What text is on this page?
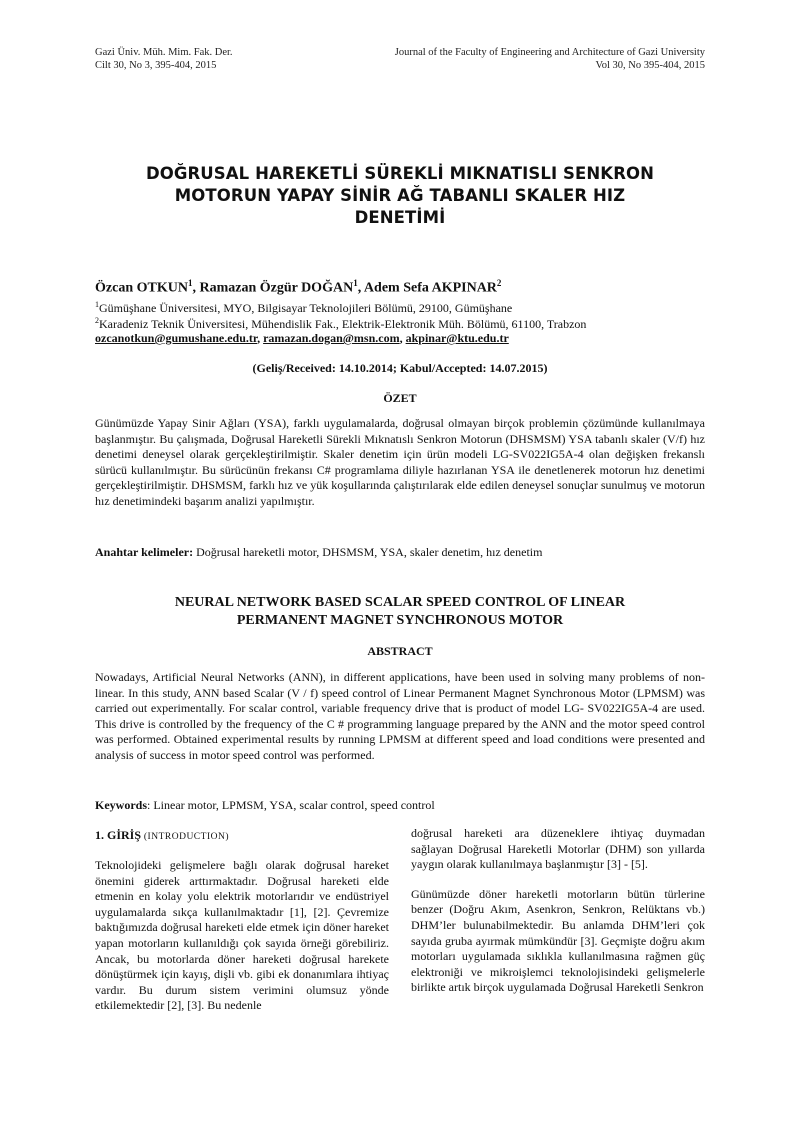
Gazi Üniv. Müh. Mim. Fak. Der.
Cilt 30, No 3, 395-404, 2015
Journal of the Faculty of Engineering and Architecture of Gazi University
Vol 30, No 395-404, 2015
DOĞRUSAL HAREKETLİ SÜREKLİ MIKNATISLI SENKRON
MOTORUN YAPAY SİNİR AĞ TABANLI SKALER HIZ
DENETİMİ
Özcan OTKUN$^1$, Ramazan Özgür DOĞAN$^1$, Adem Sefa AKPINAR$^2$
$^1$Gümüşhane Üniversitesi, MYO, Bilgisayar Teknolojileri Bölümü, 29100, Gümüşhane
$^2$Karadeniz Teknik Üniversitesi, Mühendislik Fak., Elektrik-Elektronik Müh. Bölümü, 61100, Trabzon
ozcanotkun@gumushane.edu.tr, ramazan.dogan@msn.com, akpinar@ktu.edu.tr
(Geliş/Received: 14.10.2014; Kabul/Accepted: 14.07.2015)
ÖZET
Günümüzde Yapay Sinir Ağları (YSA), farklı uygulamalarda, doğrusal olmayan birçok problemin çözümünde kullanılmaya başlanmıştır. Bu çalışmada, Doğrusal Hareketli Sürekli Mıknatıslı Senkron Motorun (DHSMSM) YSA tabanlı skaler (V/f) hız denetimi deneysel olarak gerçekleştirilmiştir. Skaler denetim için ürün modeli LG-SV022IG5A-4 olan değişken frekanslı sürücü kullanılmıştır. Bu sürücünün frekansı C# programlama diliyle hazırlanan YSA ile denetlenerek motorun hız denetimi gerçekleştirilmiştir. DHSMSM, farklı hız ve yük koşullarında çalıştırılarak elde edilen deneysel sonuçlar sunulmuş ve motorun hız denetimindeki başarım analizi yapılmıştır.
Anahtar kelimeler: Doğrusal hareketli motor, DHSMSM, YSA, skaler denetim, hız denetim
NEURAL NETWORK BASED SCALAR SPEED CONTROL OF LINEAR
PERMANENT MAGNET SYNCHRONOUS MOTOR
ABSTRACT
Nowadays, Artificial Neural Networks (ANN), in different applications, have been used in solving many problems of non-linear. In this study, ANN based Scalar (V / f) speed control of Linear Permanent Magnet Synchronous Motor (LPMSM) was carried out experimentally. For scalar control, variable frequency drive that is product of model LG- SV022IG5A-4 are used. This drive is controlled by the frequency of the C # programming language prepared by the ANN and the motor speed control was performed. Obtained experimental results by running LPMSM at different speed and load conditions were presented and analysis of success in motor speed control was performed.
Keywords: Linear motor, LPMSM, YSA, scalar control, speed control
1. GİRİŞ (INTRODUCTION)

Teknolojideki gelişmelere bağlı olarak doğrusal hareket önemini giderek arttırmaktadır. Doğrusal hareketi elde etmenin en kolay yolu elektrik motorlarıdır ve endüstriyel uygulamalarda sıkça kullanılmaktadır [1], [2]. Çevremize baktığımızda doğrusal hareketi elde etmek için döner hareket yapan motorların kullanıldığı çok sayıda örneği görebiliriz. Ancak, bu motorlarda döner hareketi doğrusal harekete dönüştürmek için kayış, dişli vb. gibi ek donanımlara ihtiyaç vardır. Bu durum sistem verimini olumsuz yönde etkilemektedir [2], [3]. Bu nedenle

doğrusal hareketi ara düzeneklere ihtiyaç duymadan sağlayan Doğrusal Hareketli Motorlar (DHM) son yıllarda yaygın olarak kullanılmaya başlanmıştır [3] - [5].

Günümüzde döner hareketli motorların bütün türlerine benzer (Doğru Akım, Asenkron, Senkron, Relüktans vb.) DHM’ler bulunabilmektedir. Bu anlamda DHM’leri çok sayıda gruba ayırmak mümkündür [3]. Geçmişte doğru akım motorları uygulamada sıklıkla kullanılmasına rağmen güç elektroniği ve mikroişlemci teknolojisindeki gelişmelerle birlikte artık birçok uygulamada Doğrusal Hareketli Senkron
